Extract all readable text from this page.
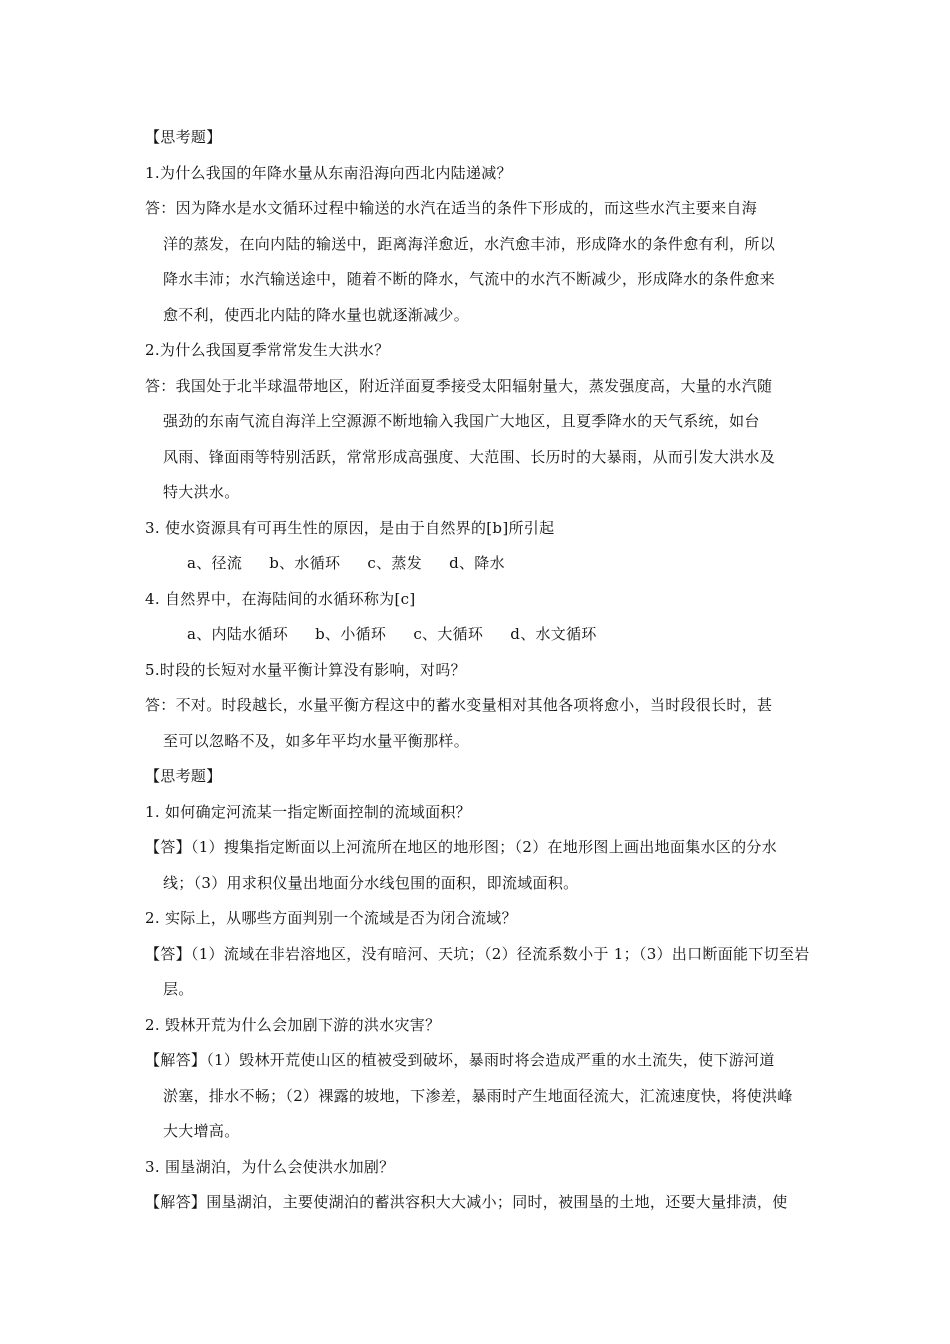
【思考题】
1.为什么我国的年降水量从东南沿海向西北内陆递减？
答：因为降水是水文循环过程中输送的水汽在适当的条件下形成的，而这些水汽主要来自海
洋的蒸发，在向内陆的输送中，距离海洋愈近，水汽愈丰沛，形成降水的条件愈有利，所以
降水丰沛；水汽输送途中，随着不断的降水，气流中的水汽不断减少，形成降水的条件愈来
愈不利，使西北内陆的降水量也就逐渐减少。
2.为什么我国夏季常常发生大洪水？
答：我国处于北半球温带地区，附近洋面夏季接受太阳辐射量大，蒸发强度高，大量的水汽随
强劲的东南气流自海洋上空源源不断地输入我国广大地区，且夏季降水的天气系统，如台
风雨、锋面雨等特别活跃，常常形成高强度、大范围、长历时的大暴雨，从而引发大洪水及
特大洪水。
3. 使水资源具有可再生性的原因，是由于自然界的[b]所引起
a、径流 b、水循环 c、蒸发 d、降水
4. 自然界中，在海陆间的水循环称为[c]
a、内陆水循环 b、小循环 c、大循环 d、水文循环
5.时段的长短对水量平衡计算没有影响，对吗？
答：不对。时段越长，水量平衡方程这中的蓄水变量相对其他各项将愈小，当时段很长时，甚
至可以忽略不及，如多年平均水量平衡那样。
【思考题】
1. 如何确定河流某一指定断面控制的流域面积？
【答】（1）搜集指定断面以上河流所在地区的地形图；（2）在地形图上画出地面集水区的分水
线；（3）用求积仪量出地面分水线包围的面积，即流域面积。
2. 实际上，从哪些方面判别一个流域是否为闭合流域？
【答】（1）流域在非岩溶地区，没有暗河、天坑；（2）径流系数小于 1；（3）出口断面能下切至岩
层。
2. 毁林开荒为什么会加剧下游的洪水灾害？
【解答】（1）毁林开荒使山区的植被受到破坏，暴雨时将会造成严重的水土流失，使下游河道
淤塞，排水不畅；（2）裸露的坡地，下渗差，暴雨时产生地面径流大，汇流速度快，将使洪峰
大大增高。
3. 围垦湖泊，为什么会使洪水加剧？
【解答】围垦湖泊，主要使湖泊的蓄洪容积大大减小；同时，被围垦的土地，还要大量排渍，使
